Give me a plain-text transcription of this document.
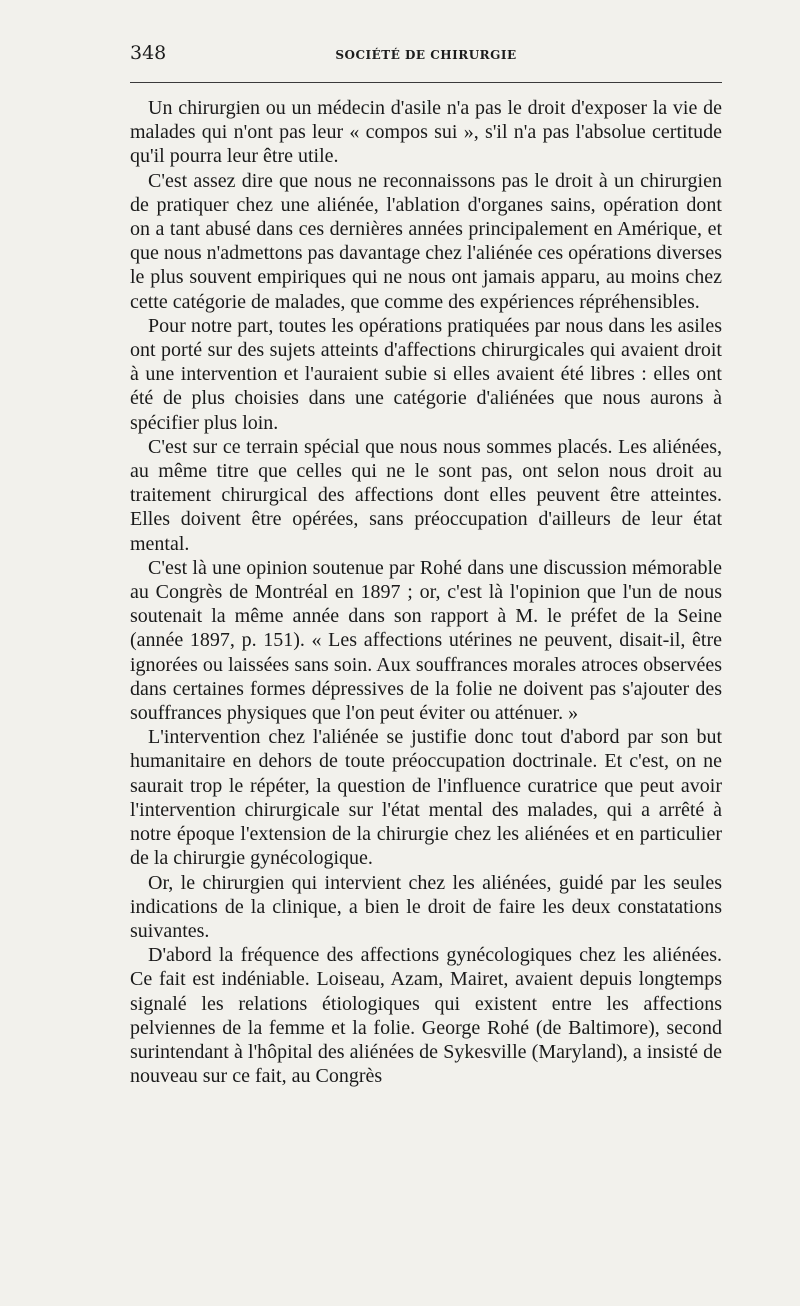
348	SOCIÉTÉ DE CHIRURGIE

Un chirurgien ou un médecin d'asile n'a pas le droit d'exposer la vie de malades qui n'ont pas leur « compos sui », s'il n'a pas l'absolue certitude qu'il pourra leur être utile.

C'est assez dire que nous ne reconnaissons pas le droit à un chirurgien de pratiquer chez une aliénée, l'ablation d'organes sains, opération dont on a tant abusé dans ces dernières années principalement en Amérique, et que nous n'admettons pas davantage chez l'aliénée ces opérations diverses le plus souvent empiriques qui ne nous ont jamais apparu, au moins chez cette catégorie de malades, que comme des expériences répréhensibles.

Pour notre part, toutes les opérations pratiquées par nous dans les asiles ont porté sur des sujets atteints d'affections chirurgicales qui avaient droit à une intervention et l'auraient subie si elles avaient été libres : elles ont été de plus choisies dans une catégorie d'aliénées que nous aurons à spécifier plus loin.

C'est sur ce terrain spécial que nous nous sommes placés. Les aliénées, au même titre que celles qui ne le sont pas, ont selon nous droit au traitement chirurgical des affections dont elles peuvent être atteintes. Elles doivent être opérées, sans préoccupation d'ailleurs de leur état mental.

C'est là une opinion soutenue par Rohé dans une discussion mémorable au Congrès de Montréal en 1897 ; or, c'est là l'opinion que l'un de nous soutenait la même année dans son rapport à M. le préfet de la Seine (année 1897, p. 151). « Les affections utérines ne peuvent, disait-il, être ignorées ou laissées sans soin. Aux souffrances morales atroces observées dans certaines formes dépressives de la folie ne doivent pas s'ajouter des souffrances physiques que l'on peut éviter ou atténuer. »

L'intervention chez l'aliénée se justifie donc tout d'abord par son but humanitaire en dehors de toute préoccupation doctrinale. Et c'est, on ne saurait trop le répéter, la question de l'influence curatrice que peut avoir l'intervention chirurgicale sur l'état mental des malades, qui a arrêté à notre époque l'extension de la chirurgie chez les aliénées et en particulier de la chirurgie gynécologique.

Or, le chirurgien qui intervient chez les aliénées, guidé par les seules indications de la clinique, a bien le droit de faire les deux constatations suivantes.

D'abord la fréquence des affections gynécologiques chez les aliénées. Ce fait est indéniable. Loiseau, Azam, Mairet, avaient depuis longtemps signalé les relations étiologiques qui existent entre les affections pelviennes de la femme et la folie. George Rohé (de Baltimore), second surintendant à l'hôpital des aliénées de Sykesville (Maryland), a insisté de nouveau sur ce fait, au Congrès
